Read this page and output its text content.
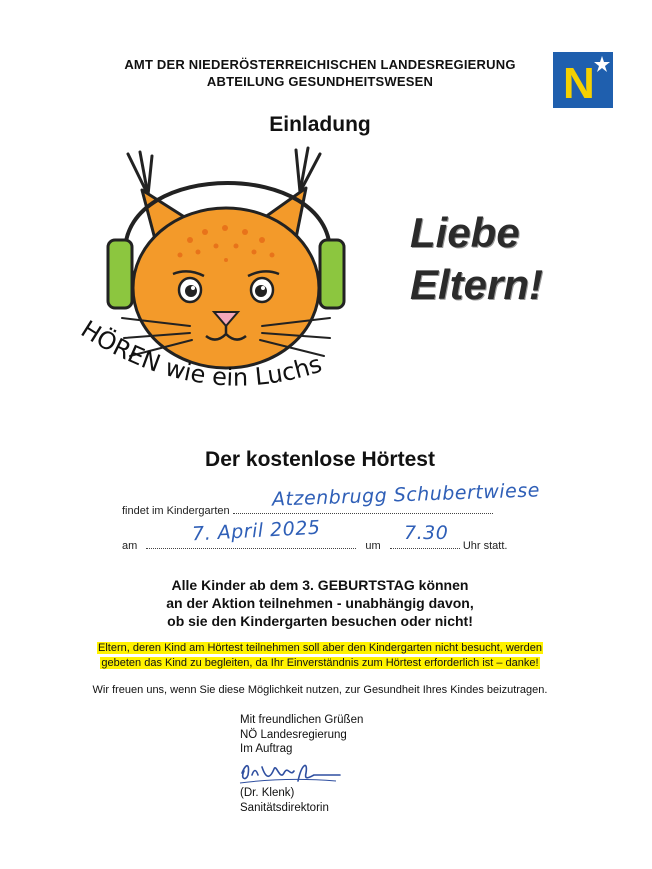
AMT DER NIEDERÖSTERREICHISCHEN LANDESREGIERUNG
ABTEILUNG GESUNDHEITSWESEN	N
Einladung
HÖREN wie ein Luchs
Liebe
Eltern!
Der kostenlose Hörtest
findet im Kindergarten
Atzenbrugg Schubertwiese
am	um	Uhr statt.
7. April 2025	7.30
Alle Kinder ab dem 3. GEBURTSTAG können
an der Aktion teilnehmen - unabhängig davon,
ob sie den Kindergarten besuchen oder nicht!
Eltern, deren Kind am Hörtest teilnehmen soll aber den Kindergarten nicht besucht, werden
gebeten das Kind zu begleiten, da Ihr Einverständnis zum Hörtest erforderlich ist – danke!
Wir freuen uns, wenn Sie diese Möglichkeit nutzen, zur Gesundheit Ihres Kindes beizutragen.
Mit freundlichen Grüßen
NÖ Landesregierung
Im Auftrag
(Dr. Klenk)
Sanitätsdirektorin
